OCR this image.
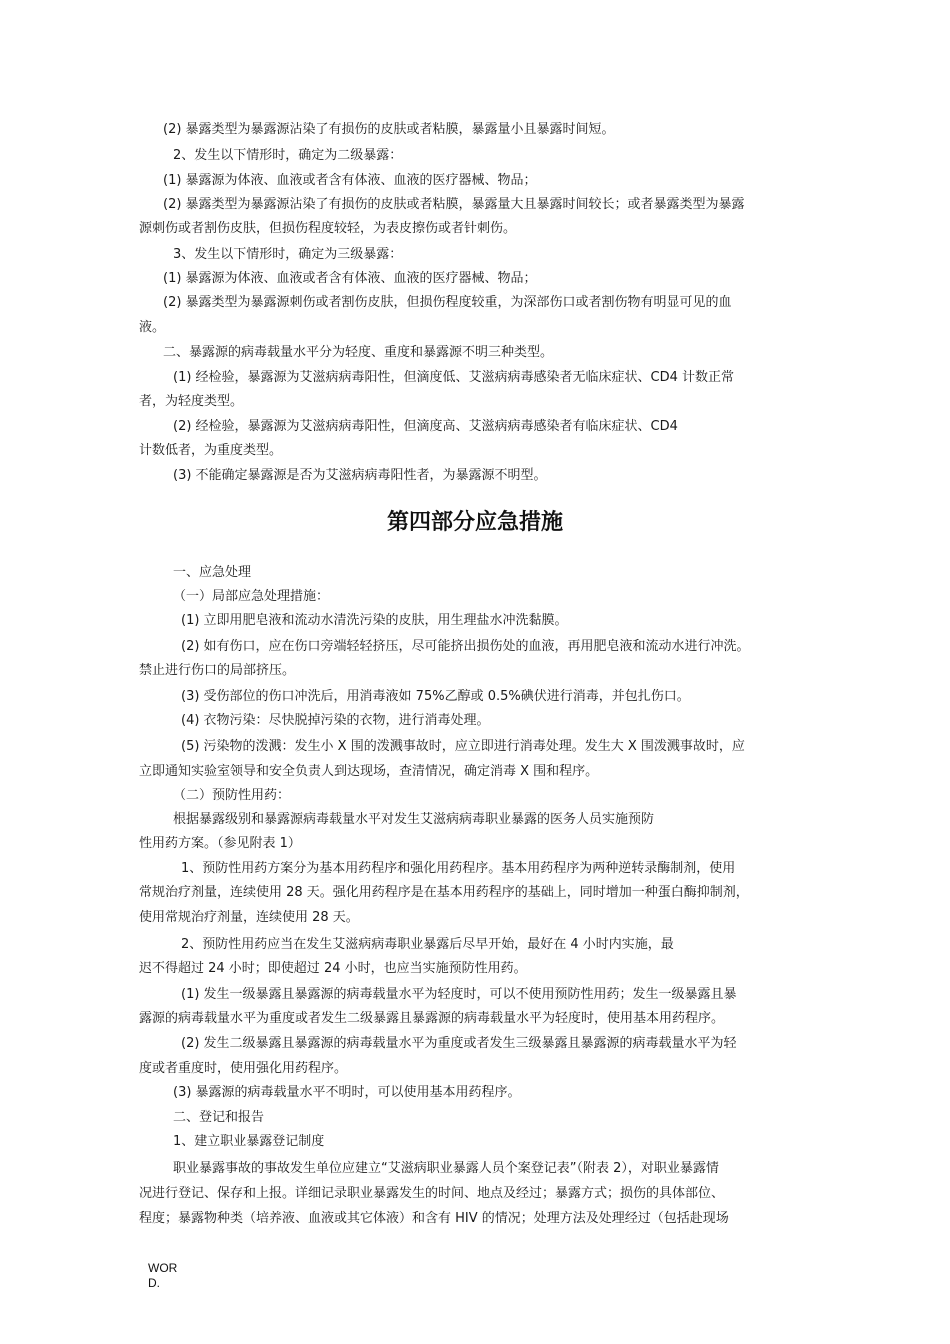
(2) 暴露类型为暴露源沾染了有损伤的皮肤或者粘膜，暴露量小且暴露时间短。
2、发生以下情形时，确定为二级暴露：
(1) 暴露源为体液、血液或者含有体液、血液的医疗器械、物品；
(2) 暴露类型为暴露源沾染了有损伤的皮肤或者粘膜，暴露量大且暴露时间较长；或者暴露类型为暴露
源刺伤或者割伤皮肤，但损伤程度较轻，为表皮擦伤或者针刺伤。
3、发生以下情形时，确定为三级暴露：
(1) 暴露源为体液、血液或者含有体液、血液的医疗器械、物品；
(2) 暴露类型为暴露源刺伤或者割伤皮肤，但损伤程度较重，为深部伤口或者割伤物有明显可见的血
液。
二、暴露源的病毒载量水平分为轻度、重度和暴露源不明三种类型。
(1) 经检验，暴露源为艾滋病病毒阳性，但滴度低、艾滋病病毒感染者无临床症状、CD4 计数正常
者，为轻度类型。
(2) 经检验，暴露源为艾滋病病毒阳性，但滴度高、艾滋病病毒感染者有临床症状、CD4
计数低者，为重度类型。
(3) 不能确定暴露源是否为艾滋病病毒阳性者，为暴露源不明型。
第四部分应急措施
一、应急处理
（一）局部应急处理措施：
(1) 立即用肥皂液和流动水清洗污染的皮肤，用生理盐水冲洗黏膜。
(2) 如有伤口，应在伤口旁端轻轻挤压，尽可能挤出损伤处的血液，再用肥皂液和流动水进行冲洗。
禁止进行伤口的局部挤压。
(3) 受伤部位的伤口冲洗后，用消毒液如 75%乙醇或 0.5%碘伏进行消毒，并包扎伤口。
(4) 衣物污染：尽快脱掉污染的衣物，进行消毒处理。
(5) 污染物的泼溅：发生小 X 围的泼溅事故时，应立即进行消毒处理。发生大 X 围泼溅事故时，应
立即通知实验室领导和安全负责人到达现场，查清情况，确定消毒 X 围和程序。
（二）预防性用药：
根据暴露级别和暴露源病毒载量水平对发生艾滋病病毒职业暴露的医务人员实施预防
性用药方案。（参见附表 1）
1、预防性用药方案分为基本用药程序和强化用药程序。基本用药程序为两种逆转录酶制剂，使用
常规治疗剂量，连续使用 28 天。强化用药程序是在基本用药程序的基础上，同时增加一种蛋白酶抑制剂，
使用常规治疗剂量，连续使用 28 天。
2、预防性用药应当在发生艾滋病病毒职业暴露后尽早开始，最好在 4 小时内实施，最
迟不得超过 24 小时；即使超过 24 小时，也应当实施预防性用药。
(1) 发生一级暴露且暴露源的病毒载量水平为轻度时，可以不使用预防性用药；发生一级暴露且暴
露源的病毒载量水平为重度或者发生二级暴露且暴露源的病毒载量水平为轻度时，使用基本用药程序。
(2) 发生二级暴露且暴露源的病毒载量水平为重度或者发生三级暴露且暴露源的病毒载量水平为轻
度或者重度时，使用强化用药程序。
(3) 暴露源的病毒载量水平不明时，可以使用基本用药程序。
二、登记和报告
1、建立职业暴露登记制度
职业暴露事故的事故发生单位应建立“艾滋病职业暴露人员个案登记表”（附表 2），对职业暴露情
况进行登记、保存和上报。详细记录职业暴露发生的时间、地点及经过；暴露方式；损伤的具体部位、
程度；暴露物种类（培养液、血液或其它体液）和含有 HIV 的情况；处理方法及处理经过（包括赴现场
WOR
D.
